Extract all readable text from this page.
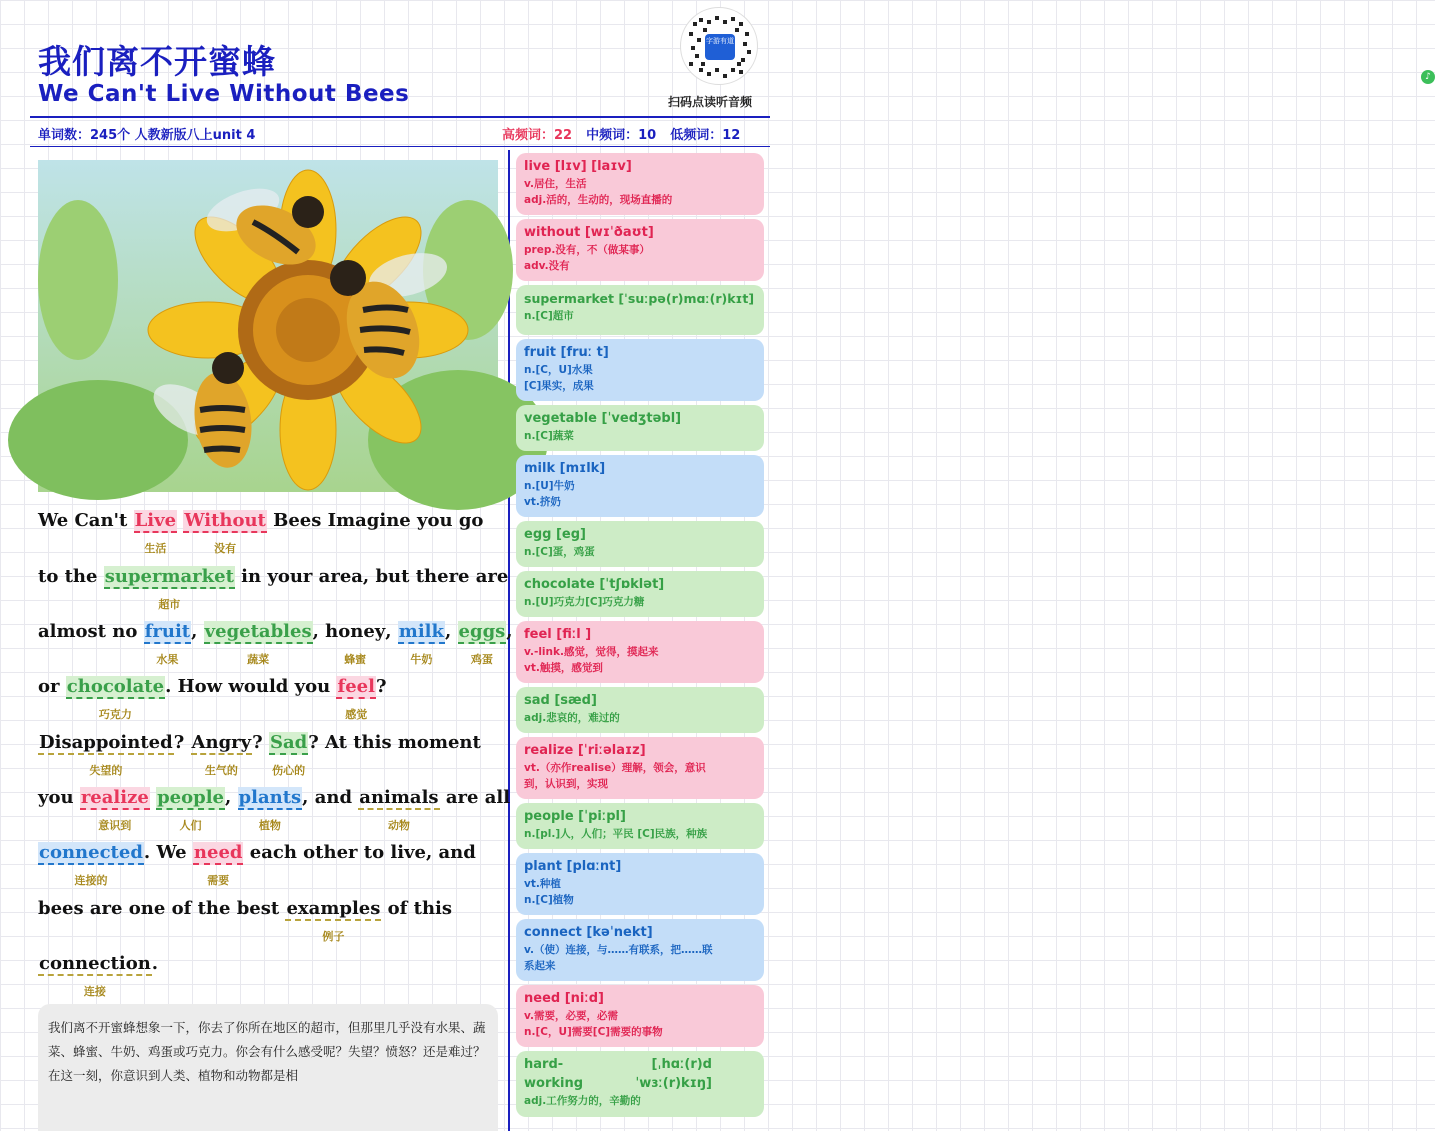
我们离不开蜜蜂
We Can't Live Without Bees
字游有道
♪
扫码点读听音频
单词数：245个 人教新版八上unit 4	高频词：22 中频词：10 低频词：12
We Can't Live
生活
Without
没有
Bees Imagine you go
to the supermarket
超市
in your area, but there are
almost no fruit
水果
, vegetables
蔬菜
, honey
蜂蜜
, milk
牛奶
, eggs
鸡蛋
,
or chocolate
巧克力
. How would you feel
感觉
?
Disappointed
失望的
? Angry
生气的
? Sad
伤心的
? At this moment
you realize
意识到
people
人们
, plants
植物
, and animals
动物
are all
connected
连接的
. We need
需要
each other to live, and
bees are one of the best examples
例子
of this
connection
连接
.
我们离不开蜜蜂想象一下，你去了你所在地区的超市，但那里几乎没有水果、蔬菜、蜂蜜、牛奶、鸡蛋或巧克力。你会有什么感受呢？失望？愤怒？还是难过？在这一刻，你意识到人类、植物和动物都是相
live [lɪv] [laɪv]
v.居住，生活
adj.活的，生动的，现场直播的
without [wɪˈðaʊt]
prep.没有，不（做某事）
adv.没有
supermarket [ˈsuːpə(r)mɑː(r)kɪt]
n.[C]超市
fruit [fruː t]
n.[C，U]水果
[C]果实，成果
vegetable [ˈvedʒtəbl]
n.[C]蔬菜
milk [mɪlk]
n.[U]牛奶
vt.挤奶
egg [eg]
n.[C]蛋，鸡蛋
chocolate [ˈtʃɒklət]
n.[U]巧克力[C]巧克力糖
feel [fiːl ]
v.-link.感觉，觉得，摸起来
vt.触摸，感觉到
sad [sæd]
adj.悲哀的，难过的
realize [ˈriːəlaɪz]
vt.（亦作realise）理解，领会，意识
到，认识到，实现
people [ˈpiːpl]
n.[pl.]人，人们；平民 [C]民族，种族
plant [plɑːnt]
vt.种植
n.[C]植物
connect [kəˈnekt]
v.（使）连接，与……有联系，把……联
系起来
need [niːd]
v.需要，必要，必需
n.[C，U]需要[C]需要的事物
hard-	[ˌhɑː(r)d
working	ˈwɜː(r)kɪŋ]
adj.工作努力的，辛勤的
